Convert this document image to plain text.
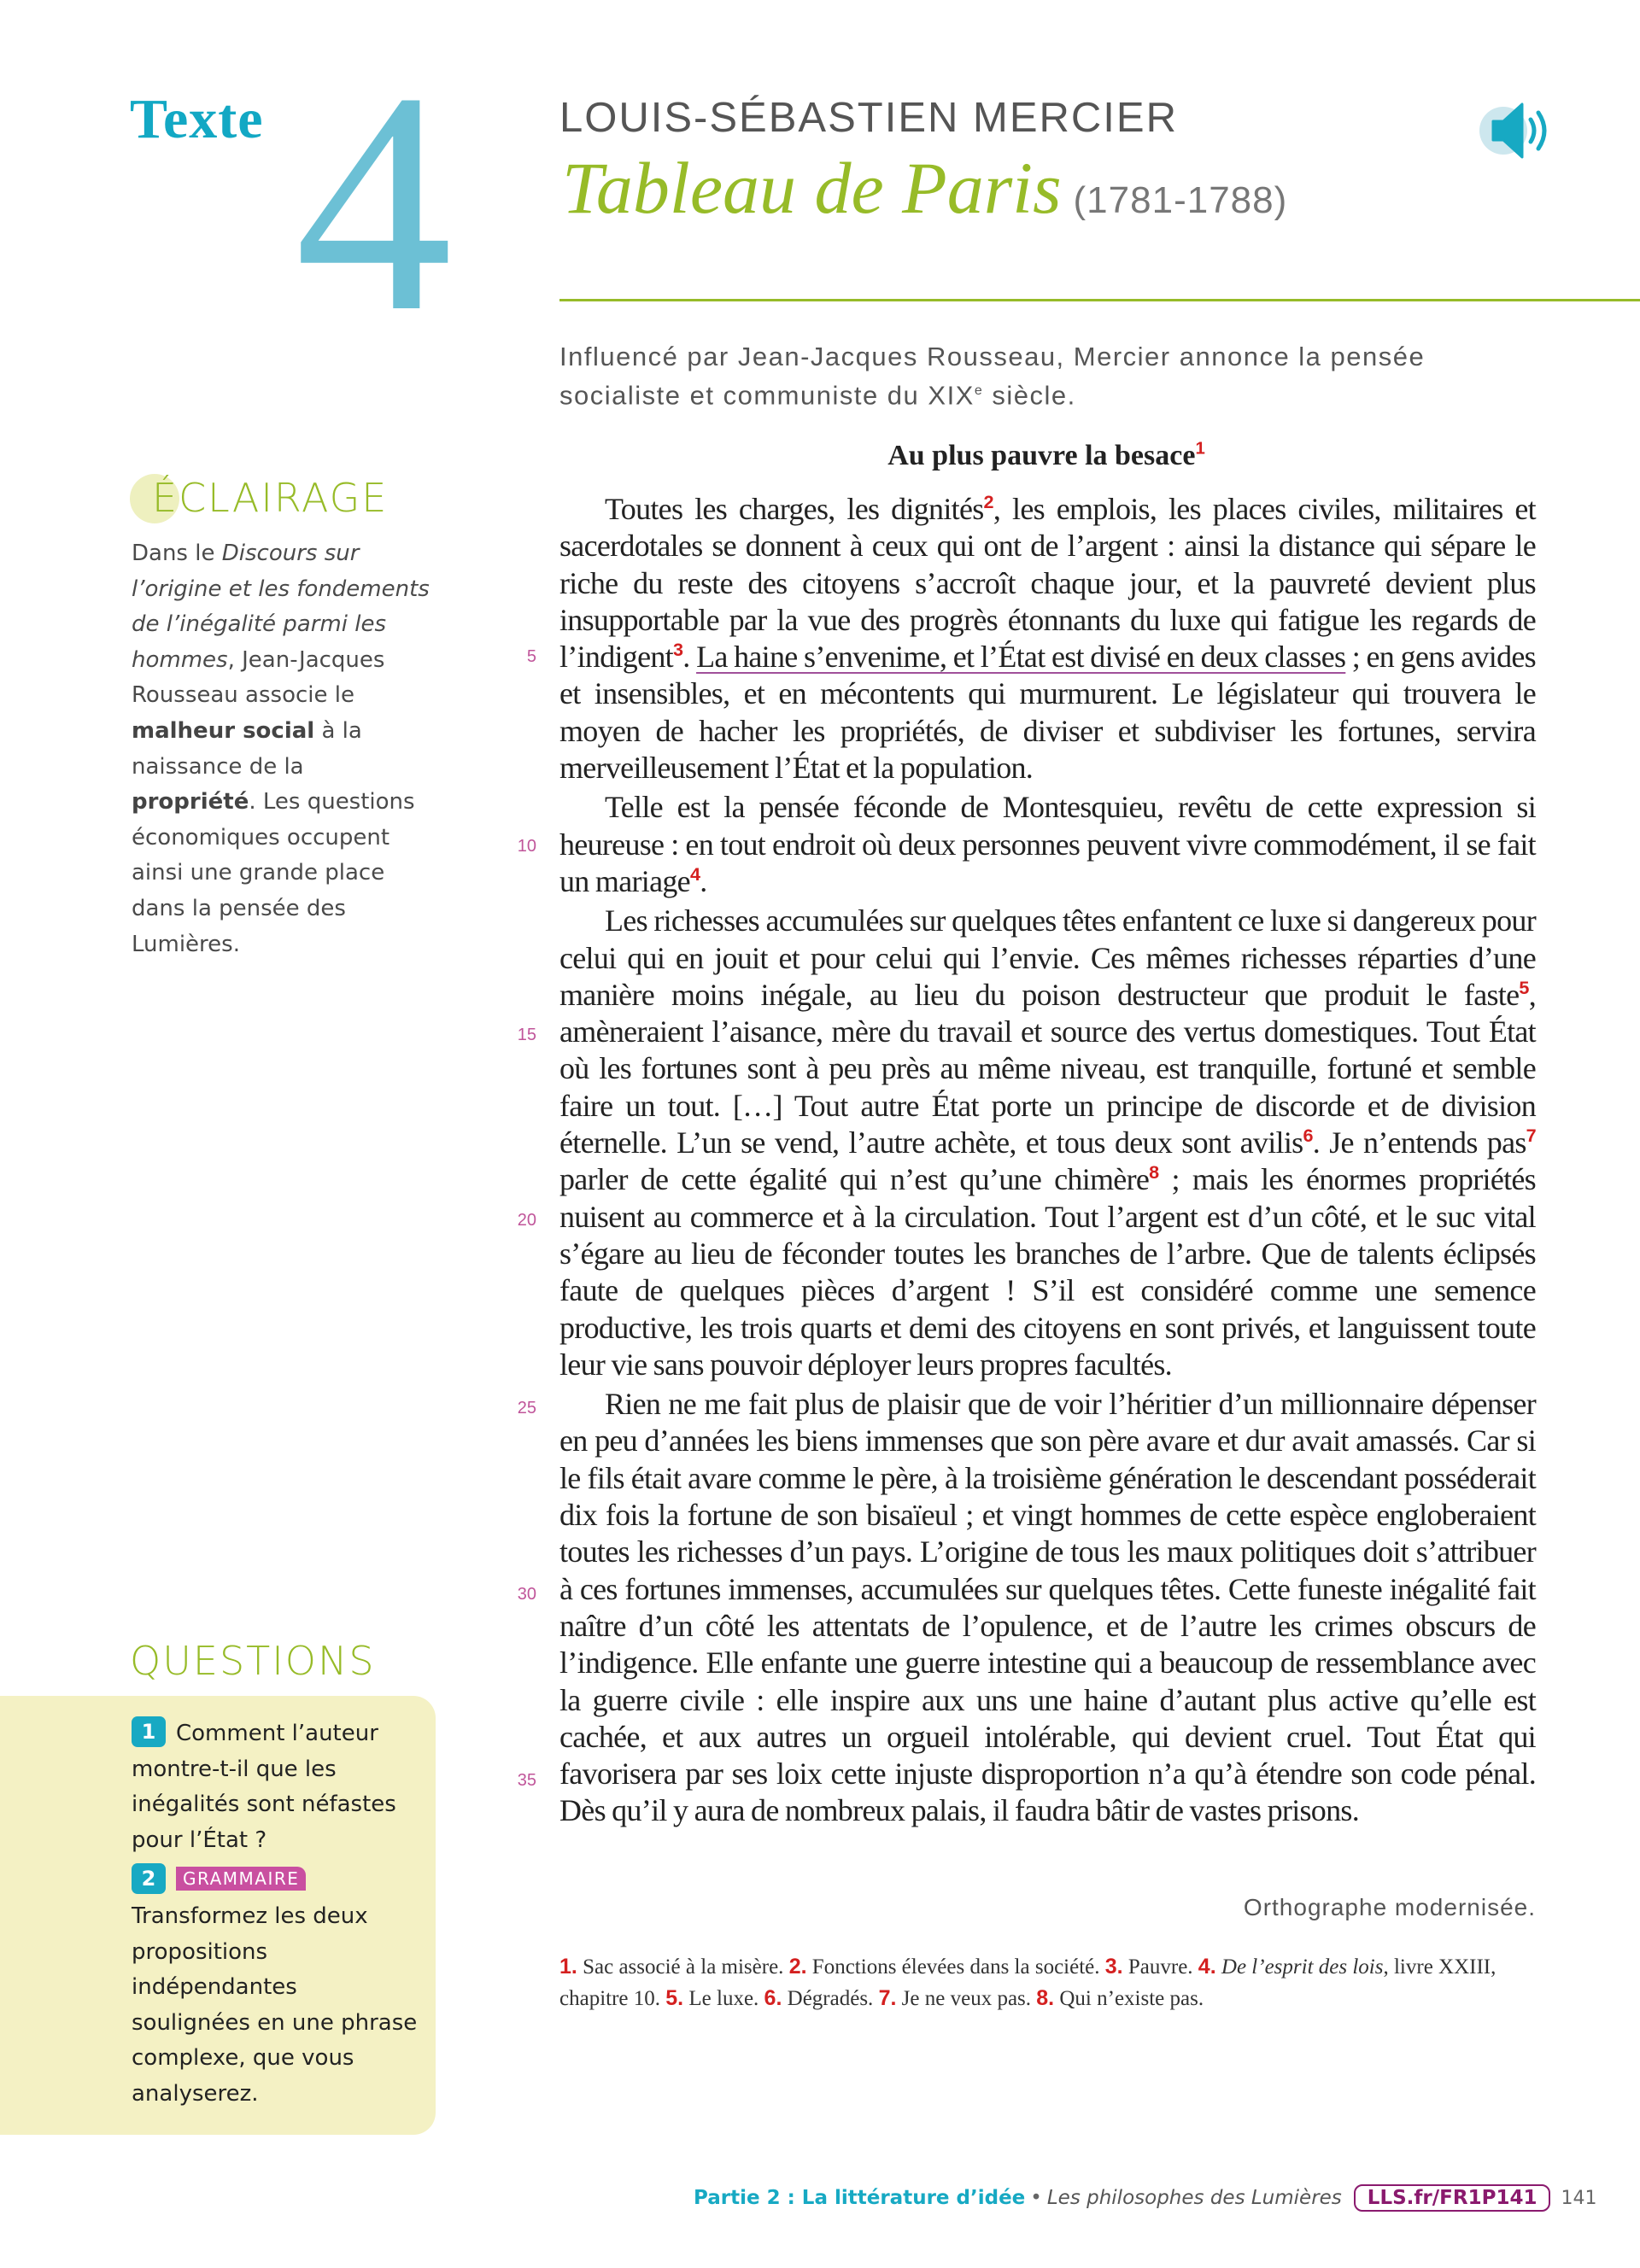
Texte 4	LOUIS-SÉBASTIEN MERCIER
Tableau de Paris (1781-1788)
Influencé par Jean-Jacques Rousseau, Mercier annonce la pensée socialiste et communiste du XIXe siècle.
ÉCLAIRAGE
Dans le Discours sur l’origine et les fondements de l’inégalité parmi les hommes, Jean-Jacques Rousseau associe le malheur social à la naissance de la propriété. Les questions économiques occupent ainsi une grande place dans la pensée des Lumières.
Au plus pauvre la besace$^1$

Toutes les charges, les dignités$^2$, les emplois, les places civiles, militaires et sacerdotales se donnent à ceux qui ont de l’argent : ainsi la distance qui sépare le riche du reste des citoyens s’accroît chaque jour, et la pauvreté devient plus insupportable par la vue des progrès étonnants du luxe qui fatigue les regards de l’indigent$^3$. La haine s’envenime, et l’État est divisé en deux classes ; en gens avides et insensibles, et en mécontents qui murmurent. Le législateur qui trouvera le moyen de hacher les propriétés, de diviser et subdiviser les fortunes, servira merveilleusement l’État et la population.

Telle est la pensée féconde de Montesquieu, revêtu de cette expression si heureuse : en tout endroit où deux personnes peuvent vivre commodément, il se fait un mariage$^4$.

Les richesses accumulées sur quelques têtes enfantent ce luxe si dangereux pour celui qui en jouit et pour celui qui l’envie. Ces mêmes richesses réparties d’une manière moins inégale, au lieu du poison destructeur que produit le faste$^5$, amèneraient l’aisance, mère du travail et source des vertus domestiques. Tout État où les fortunes sont à peu près au même niveau, est tranquille, fortuné et semble faire un tout. […] Tout autre État porte un principe de discorde et de division éternelle. L’un se vend, l’autre achète, et tous deux sont avilis$^6$. Je n’entends pas$^7$ parler de cette égalité qui n’est qu’une chimère$^8$ ; mais les énormes propriétés nuisent au commerce et à la circulation. Tout l’argent est d’un côté, et le suc vital s’égare au lieu de féconder toutes les branches de l’arbre. Que de talents éclipsés faute de quelques pièces d’argent ! S’il est considéré comme une semence productive, les trois quarts et demi des citoyens en sont privés, et languissent toute leur vie sans pouvoir déployer leurs propres facultés.

Rien ne me fait plus de plaisir que de voir l’héritier d’un millionnaire dépenser en peu d’années les biens immenses que son père avare et dur avait amassés. Car si le fils était avare comme le père, à la troisième génération le descendant posséderait dix fois la fortune de son bisaïeul ; et vingt hommes de cette espèce engloberaient toutes les richesses d’un pays. L’origine de tous les maux politiques doit s’attribuer à ces fortunes immenses, accumulées sur quelques têtes. Cette funeste inégalité fait naître d’un côté les attentats de l’opulence, et de l’autre les crimes obscurs de l’indigence. Elle enfante une guerre intestine qui a beaucoup de ressemblance avec la guerre civile : elle inspire aux uns une haine d’autant plus active qu’elle est cachée, et aux autres un orgueil intolérable, qui devient cruel. Tout État qui favorisera par ses loix cette injuste disproportion n’a qu’à étendre son code pénal. Dès qu’il y aura de nombreux palais, il faudra bâtir de vastes prisons.

5
10
15
20
25
30
35
Orthographe modernisée.
1. Sac associé à la misère. 2. Fonctions élevées dans la société. 3. Pauvre. 4. De l’esprit des lois, livre XXIII, chapitre 10. 5. Le luxe. 6. Dégradés. 7. Je ne veux pas. 8. Qui n’existe pas.
QUESTIONS
1 Comment l’auteur montre-t-il que les inégalités sont néfastes pour l’État ?
2 GRAMMAIRE
Transformez les deux propositions indépendantes soulignées en une phrase complexe, que vous analyserez.
Partie 2 : La littérature d’idée • Les philosophes des Lumières LLS.fr/FR1P141 141
